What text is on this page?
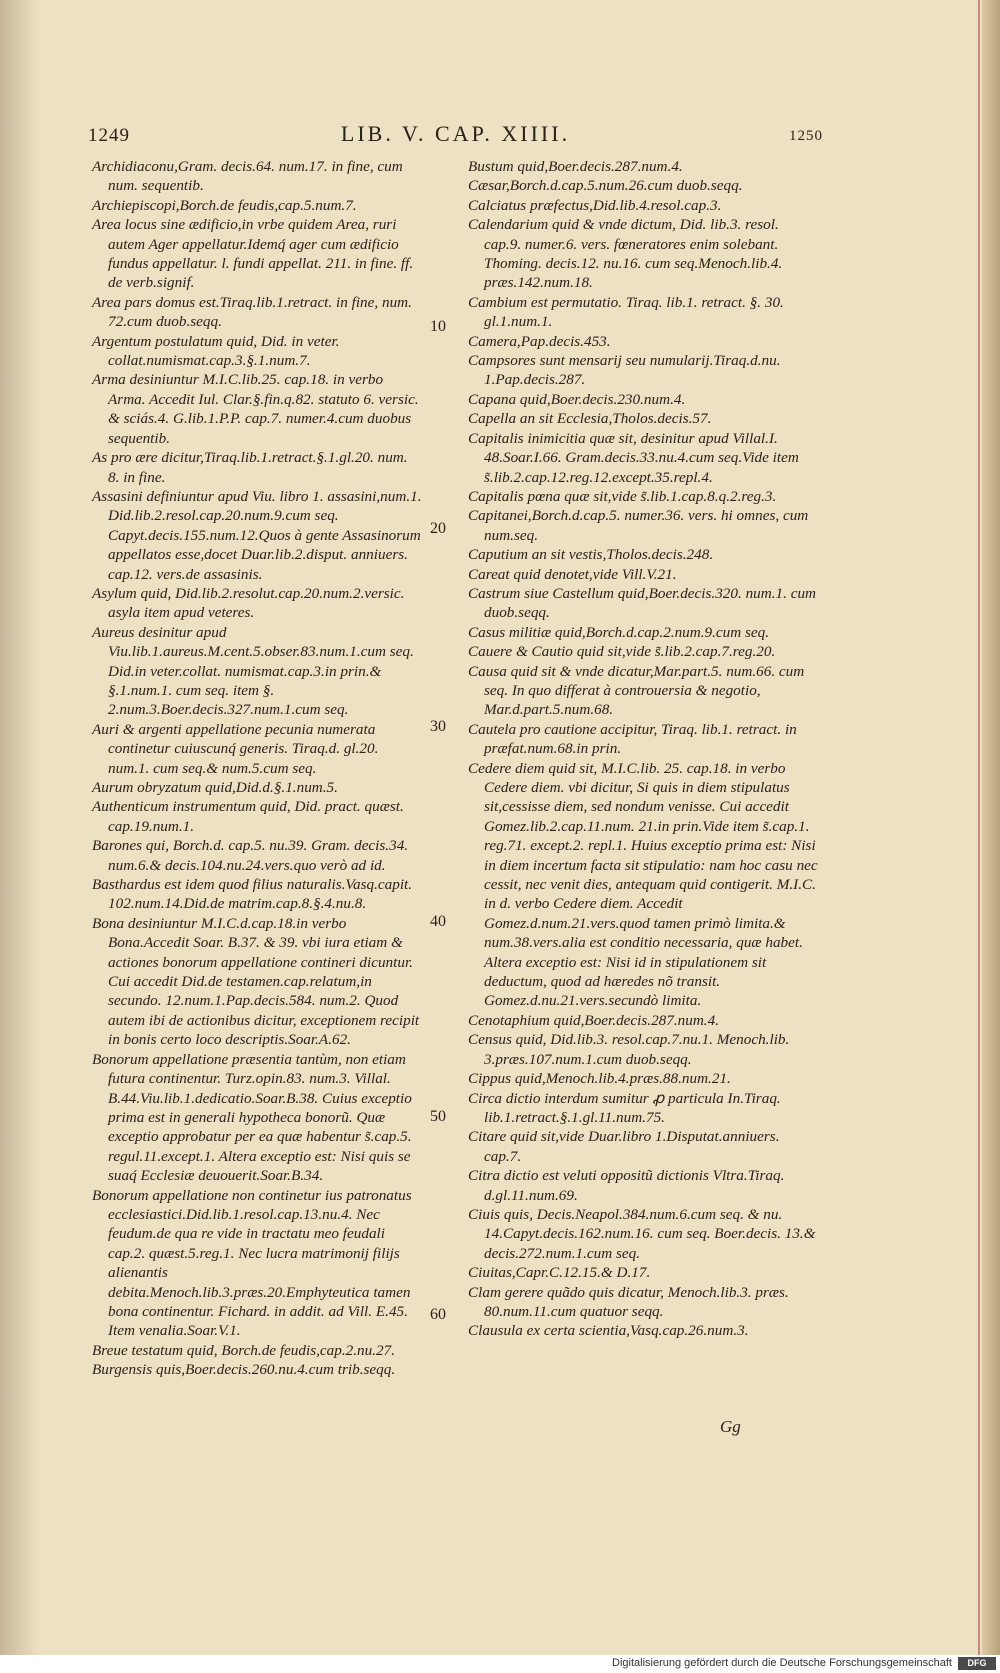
1249	LIB. V. CAP. XIIII.	1250

Archidiaconu,Gram. decis.64. num.17. in fine, cum num. sequentib.

Archiepiscopi,Borch.de feudis,cap.5.num.7.

Area locus sine ædificio,in vrbe quidem Area, ruri autem Ager appellatur.Idemq́ ager cum ædificio fundus appellatur. l. fundi appellat. 211. in fine. ff. de verb.signif.

Area pars domus est.Tiraq.lib.1.retract. in fine, num. 72.cum duob.seqq.

Argentum postulatum quid, Did. in veter. collat.numismat.cap.3.§.1.num.7.

Arma desiniuntur M.I.C.lib.25. cap.18. in verbo Arma. Accedit Iul. Clar.§.fin.q.82. statuto 6. versic. & sciás.4. G.lib.1.P.P. cap.7. numer.4.cum duobus sequentib.

As pro ære dicitur,Tiraq.lib.1.retract.§.1.gl.20. num. 8. in fine.

Assasini definiuntur apud Viu. libro 1. assasini,num.1. Did.lib.2.resol.cap.20.num.9.cum seq. Capyt.decis.155.num.12.Quos à gente Assasinorum appellatos esse,docet Duar.lib.2.disput. anniuers. cap.12. vers.de assasinis.

Asylum quid, Did.lib.2.resolut.cap.20.num.2.versic. asyla item apud veteres.

Aureus desinitur apud Viu.lib.1.aureus.M.cent.5.obser.83.num.1.cum seq. Did.in veter.collat. numismat.cap.3.in prin.& §.1.num.1. cum seq. item §. 2.num.3.Boer.decis.327.num.1.cum seq.

Auri & argenti appellatione pecunia numerata continetur cuiuscunq́ generis. Tiraq.d. gl.20. num.1. cum seq.& num.5.cum seq.

Aurum obryzatum quid,Did.d.§.1.num.5.

Authenticum instrumentum quid, Did. pract. quæst. cap.19.num.1.

Barones qui, Borch.d. cap.5. nu.39. Gram. decis.34. num.6.& decis.104.nu.24.vers.quo verò ad id.

Basthardus est idem quod filius naturalis.Vasq.capit. 102.num.14.Did.de matrim.cap.8.§.4.nu.8.

Bona desiniuntur M.I.C.d.cap.18.in verbo Bona.Accedit Soar. B.37. & 39. vbi iura etiam & actiones bonorum appellatione contineri dicuntur. Cui accedit Did.de testamen.cap.relatum,in secundo. 12.num.1.Pap.decis.584. num.2. Quod autem ibi de actionibus dicitur, exceptionem recipit in bonis certo loco descriptis.Soar.A.62.

Bonorum appellatione præsentia tantùm, non etiam futura continentur. Turz.opin.83. num.3. Villal. B.44.Viu.lib.1.dedicatio.Soar.B.38. Cuius exceptio prima est in generali hypotheca bonorũ. Quæ exceptio approbatur per ea quæ habentur s̃.cap.5. regul.11.except.1. Altera exceptio est: Nisi quis se suaq́ Ecclesiæ deuouerit.Soar.B.34.

Bonorum appellatione non continetur ius patronatus ecclesiastici.Did.lib.1.resol.cap.13.nu.4. Nec feudum.de qua re vide in tractatu meo feudali cap.2. quæst.5.reg.1. Nec lucra matrimonij filijs alienantis debita.Menoch.lib.3.præs.20.Emphyteutica tamen bona continentur. Fichard. in addit. ad Vill. E.45. Item venalia.Soar.V.1.

Breue testatum quid, Borch.de feudis,cap.2.nu.27.

Burgensis quis,Boer.decis.260.nu.4.cum trib.seqq.

10
20
30
40
50
60

Bustum quid,Boer.decis.287.num.4.

Cæsar,Borch.d.cap.5.num.26.cum duob.seqq.

Calciatus præfectus,Did.lib.4.resol.cap.3.

Calendarium quid & vnde dictum, Did. lib.3. resol. cap.9. numer.6. vers. fœneratores enim solebant. Thoming. decis.12. nu.16. cum seq.Menoch.lib.4. præs.142.num.18.

Cambium est permutatio. Tiraq. lib.1. retract. §. 30. gl.1.num.1.

Camera,Pap.decis.453.

Campsores sunt mensarij seu numularij.Tiraq.d.nu. 1.Pap.decis.287.

Capana quid,Boer.decis.230.num.4.

Capella an sit Ecclesia,Tholos.decis.57.

Capitalis inimicitia quæ sit, desinitur apud Villal.I. 48.Soar.I.66. Gram.decis.33.nu.4.cum seq.Vide item s̃.lib.2.cap.12.reg.12.except.35.repl.4.

Capitalis pœna quæ sit,vide s̃.lib.1.cap.8.q.2.reg.3.

Capitanei,Borch.d.cap.5. numer.36. vers. hi omnes, cum num.seq.

Caputium an sit vestis,Tholos.decis.248.

Careat quid denotet,vide Vill.V.21.

Castrum siue Castellum quid,Boer.decis.320. num.1. cum duob.seqq.

Casus militiæ quid,Borch.d.cap.2.num.9.cum seq.

Cauere & Cautio quid sit,vide s̃.lib.2.cap.7.reg.20.

Causa quid sit & vnde dicatur,Mar.part.5. num.66. cum seq. In quo differat à controuersia & negotio, Mar.d.part.5.num.68.

Cautela pro cautione accipitur, Tiraq. lib.1. retract. in præfat.num.68.in prin.

Cedere diem quid sit, M.I.C.lib. 25. cap.18. in verbo Cedere diem. vbi dicitur, Si quis in diem stipulatus sit,cessisse diem, sed nondum venisse. Cui accedit Gomez.lib.2.cap.11.num. 21.in prin.Vide item s̃.cap.1. reg.71. except.2. repl.1. Huius exceptio prima est: Nisi in diem incertum facta sit stipulatio: nam hoc casu nec cessit, nec venit dies, antequam quid contigerit. M.I.C. in d. verbo Cedere diem. Accedit Gomez.d.num.21.vers.quod tamen primò limita.& num.38.vers.alia est conditio necessaria, quæ habet. Altera exceptio est: Nisi id in stipulationem sit deductum, quod ad hæredes nõ transit. Gomez.d.nu.21.vers.secundò limita.

Cenotaphium quid,Boer.decis.287.num.4.

Census quid, Did.lib.3. resol.cap.7.nu.1. Menoch.lib. 3.præs.107.num.1.cum duob.seqq.

Cippus quid,Menoch.lib.4.præs.88.num.21.

Circa dictio interdum sumitur ꝓ particula In.Tiraq. lib.1.retract.§.1.gl.11.num.75.

Citare quid sit,vide Duar.libro 1.Disputat.anniuers. cap.7.

Citra dictio est veluti oppositũ dictionis Vltra.Tiraq. d.gl.11.num.69.

Ciuis quis, Decis.Neapol.384.num.6.cum seq. & nu. 14.Capyt.decis.162.num.16. cum seq. Boer.decis. 13.& decis.272.num.1.cum seq.

Ciuitas,Capr.C.12.15.& D.17.

Clam gerere quãdo quis dicatur, Menoch.lib.3. præs. 80.num.11.cum quatuor seqq.

Clausula ex certa scientia,Vasq.cap.26.num.3.

Gg
Digitalisierung gefördert durch die Deutsche Forschungsgemeinschaft	DFG
